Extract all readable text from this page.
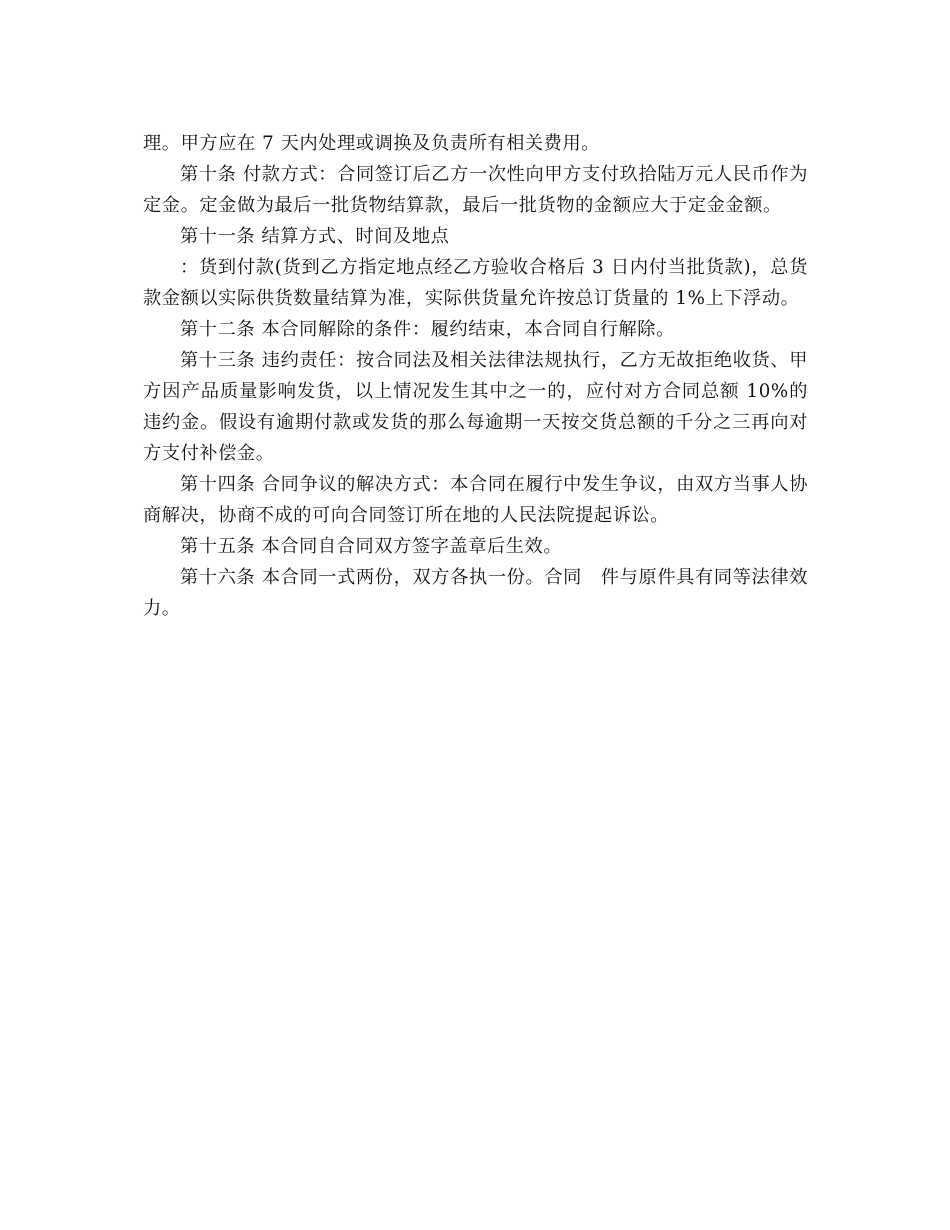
理。甲方应在 7 天内处理或调换及负责所有相关费用。

第十条 付款方式：合同签订后乙方一次性向甲方支付玖拾陆万元人民币作为定金。定金做为最后一批货物结算款，最后一批货物的金额应大于定金金额。

第十一条 结算方式、时间及地点

：货到付款(货到乙方指定地点经乙方验收合格后 3 日内付当批货款)，总货款金额以实际供货数量结算为准，实际供货量允许按总订货量的 1%上下浮动。

第十二条 本合同解除的条件：履约结束，本合同自行解除。

第十三条 违约责任：按合同法及相关法律法规执行，乙方无故拒绝收货、甲方因产品质量影响发货，以上情况发生其中之一的，应付对方合同总额 10%的违约金。假设有逾期付款或发货的那么每逾期一天按交货总额的千分之三再向对方支付补偿金。

第十四条 合同争议的解决方式：本合同在履行中发生争议，由双方当事人协商解决，协商不成的可向合同签订所在地的人民法院提起诉讼。

第十五条 本合同自合同双方签字盖章后生效。

第十六条 本合同一式两份，双方各执一份。合同　件与原件具有同等法律效力。
